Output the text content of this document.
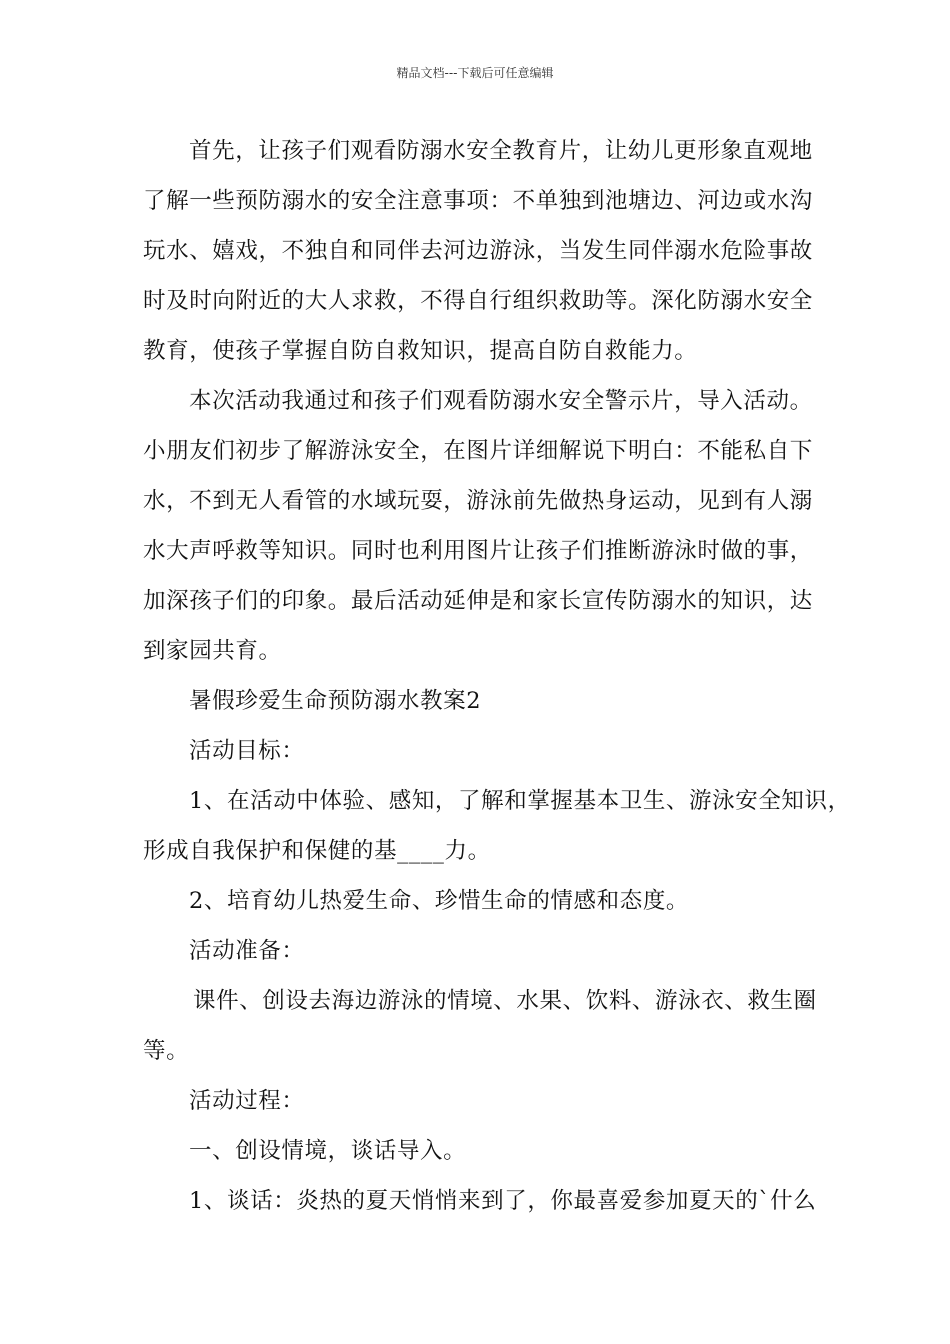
精品文档---下载后可任意编辑
首先，让孩子们观看防溺水安全教育片，让幼儿更形象直观地
了解一些预防溺水的安全注意事项：不单独到池塘边、河边或水沟
玩水、嬉戏，不独自和同伴去河边游泳，当发生同伴溺水危险事故
时及时向附近的大人求救，不得自行组织救助等。深化防溺水安全
教育，使孩子掌握自防自救知识，提高自防自救能力。
本次活动我通过和孩子们观看防溺水安全警示片，导入活动。
小朋友们初步了解游泳安全，在图片详细解说下明白：不能私自下
水，不到无人看管的水域玩耍，游泳前先做热身运动，见到有人溺
水大声呼救等知识。同时也利用图片让孩子们推断游泳时做的事，
加深孩子们的印象。最后活动延伸是和家长宣传防溺水的知识，达
到家园共育。
暑假珍爱生命预防溺水教案2
活动目标：
1、在活动中体验、感知，了解和掌握基本卫生、游泳安全知识，
形成自我保护和保健的基____力。
2、培育幼儿热爱生命、珍惜生命的情感和态度。
活动准备：
课件、创设去海边游泳的情境、水果、饮料、游泳衣、救生圈
等。
活动过程：
一、创设情境，谈话导入。
1、谈话：炎热的夏天悄悄来到了，你最喜爱参加夏天的`什么
